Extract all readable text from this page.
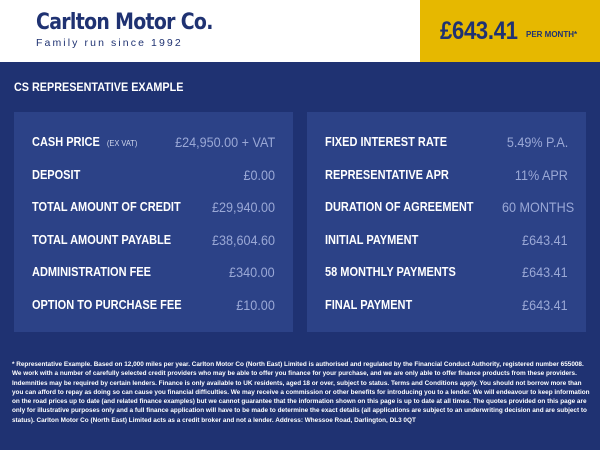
Carlton Motor Co.
Family run since 1992	£643.41 PER MONTH*
CS REPRESENTATIVE EXAMPLE
CASH PRICE (EX VAT)	£24,950.00 + VAT
DEPOSIT	£0.00
TOTAL AMOUNT OF CREDIT £29,940.00
TOTAL AMOUNT PAYABLE	£38,604.60
ADMINISTRATION FEE	£340.00
OPTION TO PURCHASE FEE	£10.00
FIXED INTEREST RATE	5.49% P.A.
REPRESENTATIVE APR	11% APR
DURATION OF AGREEMENT 60 MONTHS
INITIAL PAYMENT	£643.41
58 MONTHLY PAYMENTS	£643.41
FINAL PAYMENT	£643.41
* Representative Example. Based on 12,000 miles per year. Carlton Motor Co (North East) Limited is authorised and regulated by the Financial Conduct Authority, registered number 655008. We work with a number of carefully selected credit providers who may be able to offer you finance for your purchase, and we are only able to offer finance products from these providers. Indemnities may be required by certain lenders. Finance is only available to UK residents, aged 18 or over, subject to status. Terms and Conditions apply. You should not borrow more than you can afford to repay as doing so can cause you financial difficulties. We may receive a commission or other benefits for introducing you to a lender. We will endeavour to keep information on the road prices up to date (and related finance examples) but we cannot guarantee that the information shown on this page is up to date at all times. The quotes provided on this page are only for illustrative purposes only and a full finance application will have to be made to determine the exact details (all applications are subject to an underwriting decision and are subject to status). Carlton Motor Co (North East) Limited acts as a credit broker and not a lender. Address: Whessoe Road, Darlington, DL3 0QT
